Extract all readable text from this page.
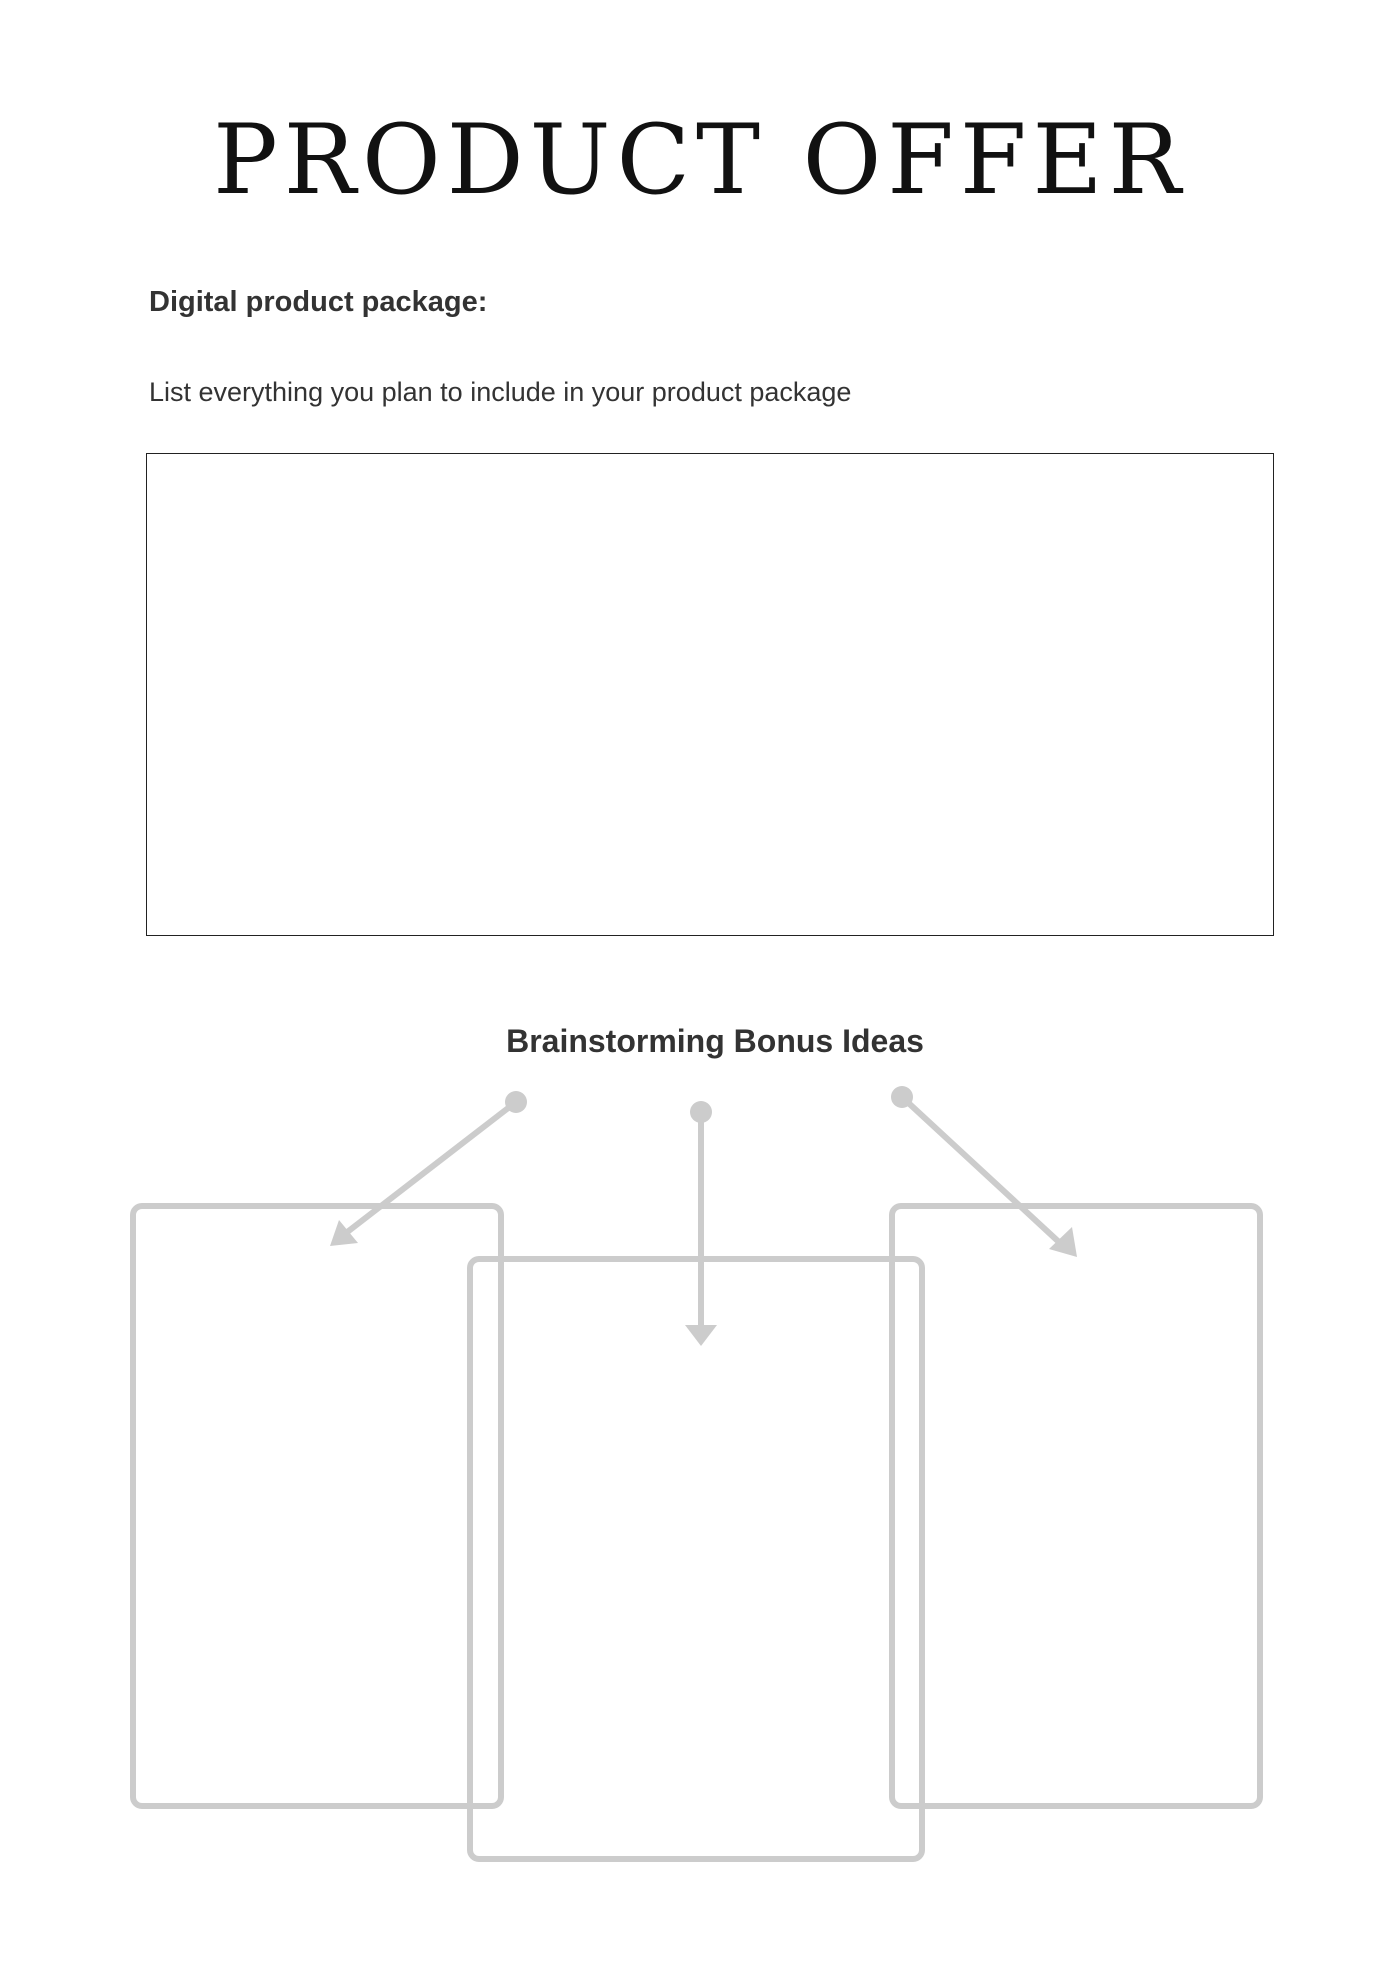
PRODUCT OFFER

Digital product package:

List everything you plan to include in your product package

Brainstorming Bonus Ideas
